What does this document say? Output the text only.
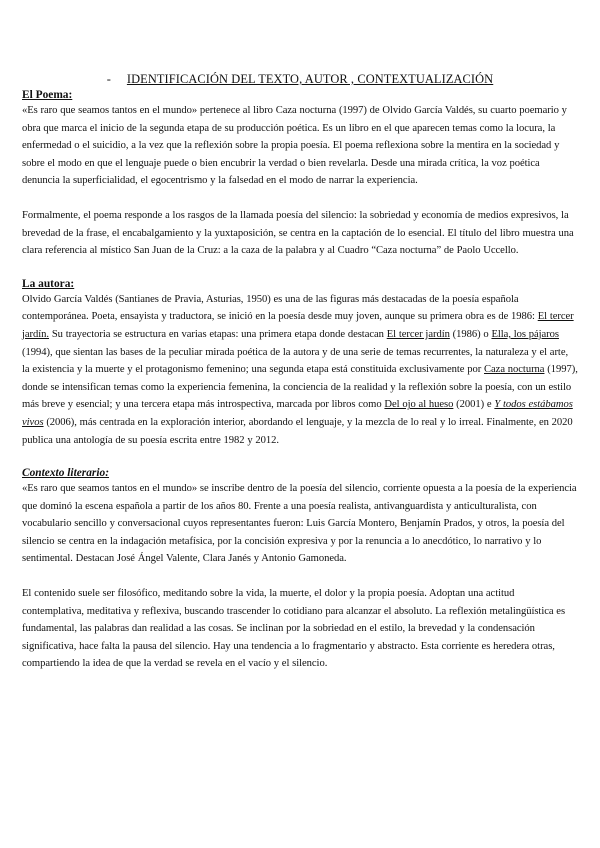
- IDENTIFICACIÓN DEL TEXTO, AUTOR , CONTEXTUALIZACIÓN
El Poema:

«Es raro que seamos tantos en el mundo» pertenece al libro Caza nocturna (1997) de Olvido García Valdés, su cuarto poemario y obra que marca el inicio de la segunda etapa de su producción poética. Es un libro en el que aparecen temas como la locura, la enfermedad o el suicidio, a la vez que la reflexión sobre la propia poesía. El poema reflexiona sobre la mentira en la sociedad y sobre el modo en que el lenguaje puede o bien encubrir la verdad o bien revelarla. Desde una mirada crítica, la voz poética denuncia la superficialidad, el egocentrismo y la falsedad en el modo de narrar la experiencia.

Formalmente, el poema responde a los rasgos de la llamada poesía del silencio: la sobriedad y economía de medios expresivos, la brevedad de la frase, el encabalgamiento y la yuxtaposición, se centra en la captación de lo esencial. El título del libro muestra una clara referencia al místico San Juan de la Cruz: a la caza de la palabra y al Cuadro “Caza nocturna” de Paolo Uccello.

La autora:

Olvido García Valdés (Santianes de Pravia, Asturias, 1950) es una de las figuras más destacadas de la poesía española contemporánea. Poeta, ensayista y traductora, se inició en la poesía desde muy joven, aunque su primera obra es de 1986: El tercer jardín. Su trayectoria se estructura en varias etapas: una primera etapa donde destacan El tercer jardín (1986) o Ella, los pájaros (1994), que sientan las bases de la peculiar mirada poética de la autora y de una serie de temas recurrentes, la naturaleza y el arte, la existencia y la muerte y el protagonismo femenino; una segunda etapa está constituida exclusivamente por Caza nocturna (1997), donde se intensifican temas como la experiencia femenina, la conciencia de la realidad y la reflexión sobre la poesía, con un estilo más breve y esencial; y una tercera etapa más introspectiva, marcada por libros como Del ojo al hueso (2001) e Y todos estábamos vivos (2006), más centrada en la exploración interior, abordando el lenguaje, y la mezcla de lo real y lo irreal. Finalmente, en 2020 publica una antología de su poesía escrita entre 1982 y 2012.

Contexto literario:

«Es raro que seamos tantos en el mundo» se inscribe dentro de la poesía del silencio, corriente opuesta a la poesía de la experiencia que dominó la escena española a partir de los años 80. Frente a una poesía realista, antivanguardista y anticulturalista, con vocabulario sencillo y conversacional cuyos representantes fueron: Luis García Montero, Benjamín Prados, y otros, la poesía del silencio se centra en la indagación metafísica, por la concisión expresiva y por la renuncia a lo anecdótico, lo narrativo y lo sentimental. Destacan José Ángel Valente, Clara Janés y Antonio Gamoneda.

El contenido suele ser filosófico, meditando sobre la vida, la muerte, el dolor y la propia poesía. Adoptan una actitud contemplativa, meditativa y reflexiva, buscando trascender lo cotidiano para alcanzar el absoluto. La reflexión metalingüística es fundamental, las palabras dan realidad a las cosas. Se inclinan por la sobriedad en el estilo, la brevedad y la condensación significativa, hace falta la pausa del silencio. Hay una tendencia a lo fragmentario y abstracto. Esta corriente es heredera otras, compartiendo la idea de que la verdad se revela en el vacío y el silencio.
